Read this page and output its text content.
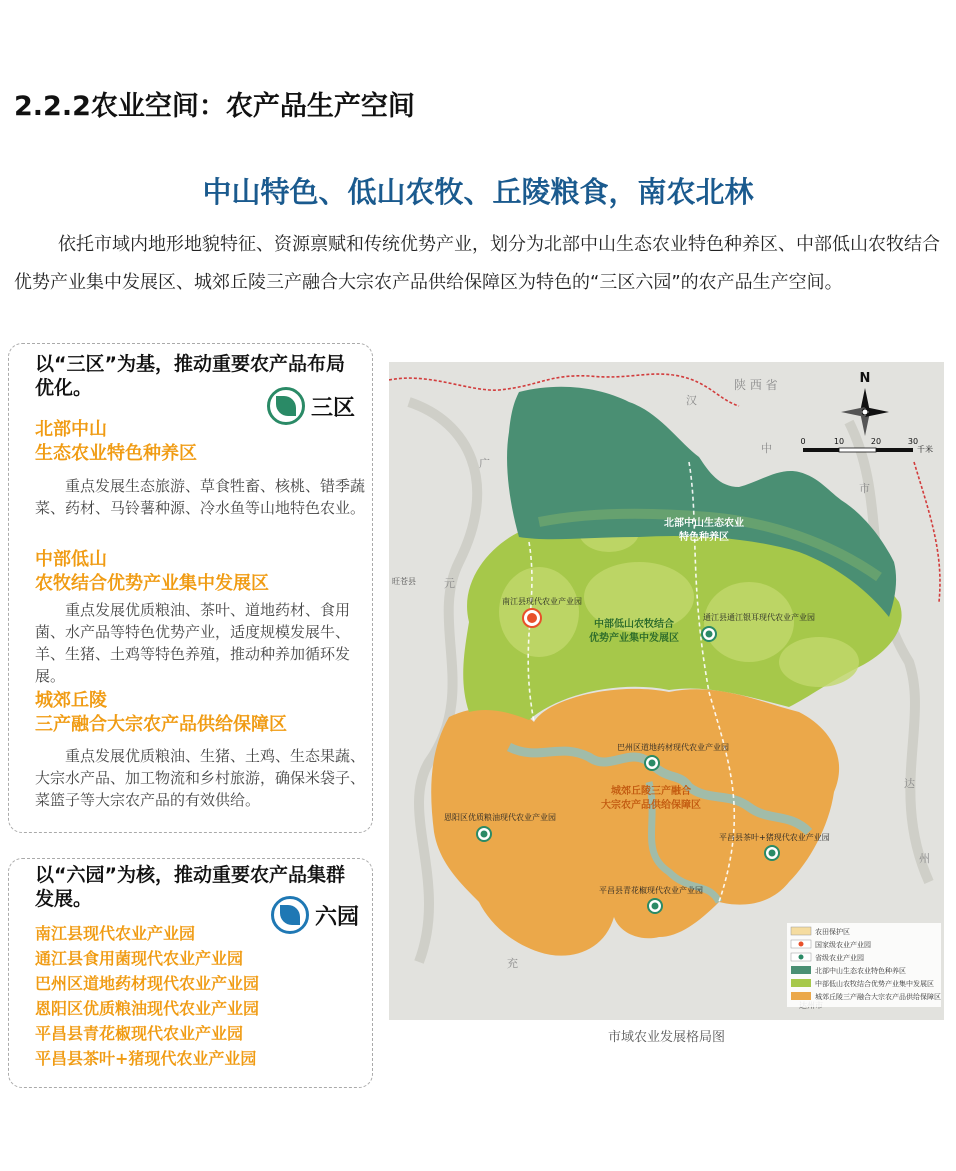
2.2.2农业空间：农产品生产空间
中山特色、低山农牧、丘陵粮食，南农北林
依托市域内地形地貌特征、资源禀赋和传统优势产业，划分为北部中山生态农业特色种养区、中部低山农牧结合优势产业集中发展区、城郊丘陵三产融合大宗农产品供给保障区为特色的“三区六园”的农产品生产空间。
以“三区”为基，推动重要农产品布局优化。
三区
北部中山
生态农业特色种养区
重点发展生态旅游、草食牲畜、核桃、错季蔬菜、药材、马铃薯种源、冷水鱼等山地特色农业。
中部低山
农牧结合优势产业集中发展区
重点发展优质粮油、茶叶、道地药材、食用菌、水产品等特色优势产业，适度规模发展牛、羊、生猪、土鸡等特色养殖，推动种养加循环发展。
城郊丘陵
三产融合大宗农产品供给保障区
重点发展优质粮油、生猪、土鸡、生态果蔬、大宗水产品、加工物流和乡村旅游，确保米袋子、菜篮子等大宗农产品的有效供给。
以“六园”为核，推动重要农产品集群发展。
六园
南江县现代农业产业园
通江县食用菌现代农业产业园
巴州区道地药材现代农业产业园
恩阳区优质粮油现代农业产业园
平昌县青花椒现代农业产业园
平昌县茶叶+猪现代农业产业园
北部中山生态农业
特色种养区
中部低山农牧结合
优势产业集中发展区
城郊丘陵三产融合
大宗农产品供给保障区
南江县现代农业产业园
通江县通江银耳现代农业产业园
巴州区道地药材现代农业产业园
恩阳区优质粮油现代农业产业园
平昌县茶叶+猪现代农业产业园
平昌县青花椒现代农业产业园
陕 西 省
汉
中
市
广
元
达
州
充
旺苍县
N
0	10	20	30
千米
农田保护区
国家级农业产业园
省级农业产业园
北部中山生态农业特色种养区
中部低山农牧结合优势产业集中发展区
城郊丘陵三产融合大宗农产品供给保障区
市域农业发展格局图
